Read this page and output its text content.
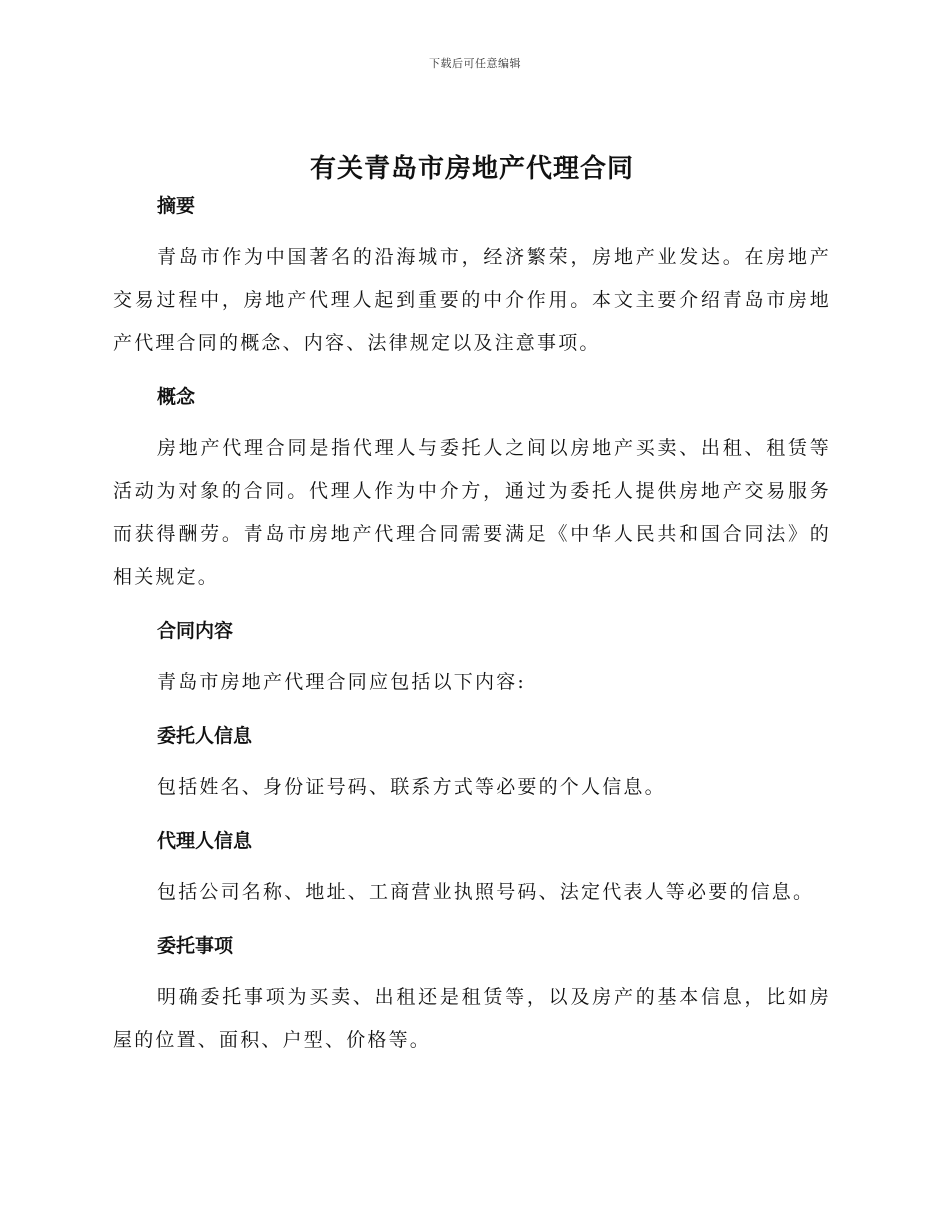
下载后可任意编辑
有关青岛市房地产代理合同
摘要

青岛市作为中国著名的沿海城市，经济繁荣，房地产业发达。在房地产交易过程中，房地产代理人起到重要的中介作用。本文主要介绍青岛市房地产代理合同的概念、内容、法律规定以及注意事项。

概念

房地产代理合同是指代理人与委托人之间以房地产买卖、出租、租赁等活动为对象的合同。代理人作为中介方，通过为委托人提供房地产交易服务而获得酬劳。青岛市房地产代理合同需要满足《中华人民共和国合同法》的相关规定。

合同内容

青岛市房地产代理合同应包括以下内容:

委托人信息

包括姓名、身份证号码、联系方式等必要的个人信息。

代理人信息

包括公司名称、地址、工商营业执照号码、法定代表人等必要的信息。

委托事项

明确委托事项为买卖、出租还是租赁等，以及房产的基本信息，比如房屋的位置、面积、户型、价格等。
